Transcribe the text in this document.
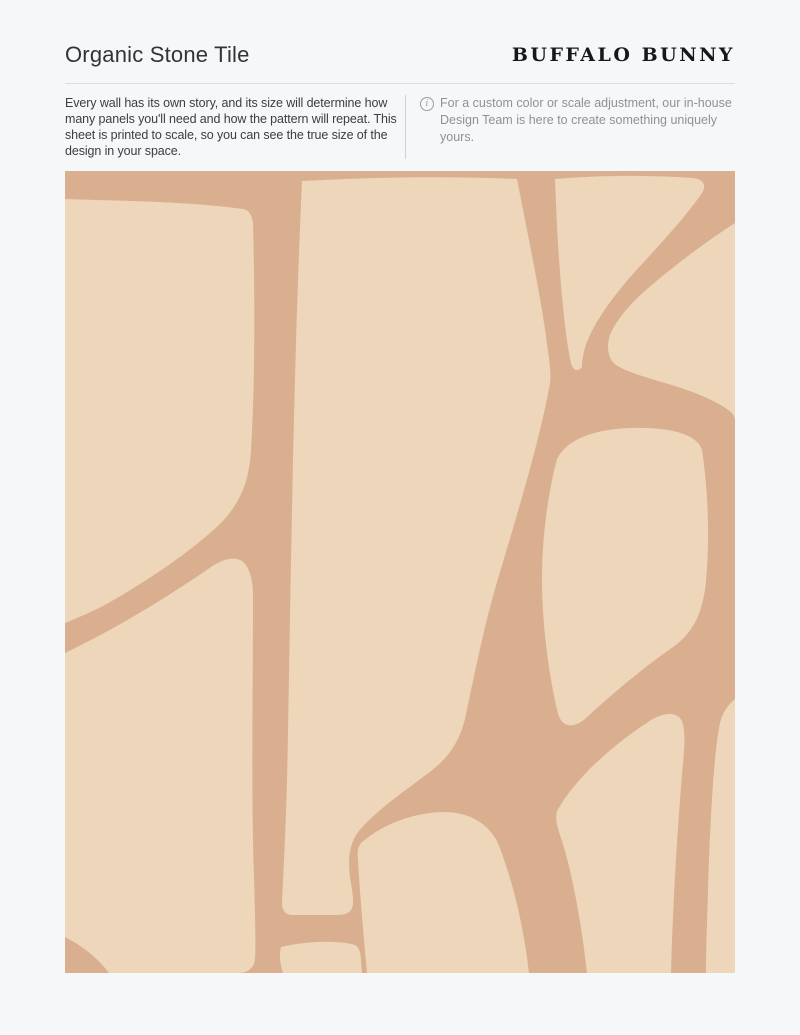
Organic Stone Tile	BUFFALO BUNNY

Every wall has its own story, and its size will determine how many panels you'll need and how the pattern will repeat. This sheet is printed to scale, so you can see the true size of the design in your space.

i For a custom color or scale adjustment, our in-house Design Team is here to create something uniquely yours.
